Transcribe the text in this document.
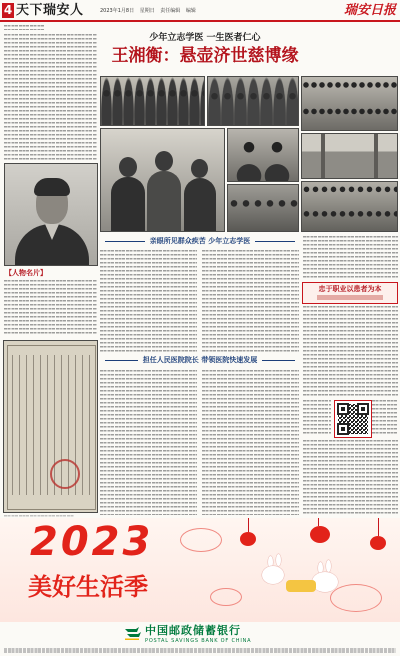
4 天下瑞安人	2023年1月8日 星期日 责任编辑 编辑	瑞安日报
【人物名片】
少年立志学医 一生医者仁心
王湘衡：悬壶济世慈博缘
亲眼所见群众疾苦 少年立志学医
担任人民医院院长 带领医院快速发展
忠于职业以患者为本
2023
美好生活季
中国邮政储蓄银行
POSTAL SAVINGS BANK OF CHINA
